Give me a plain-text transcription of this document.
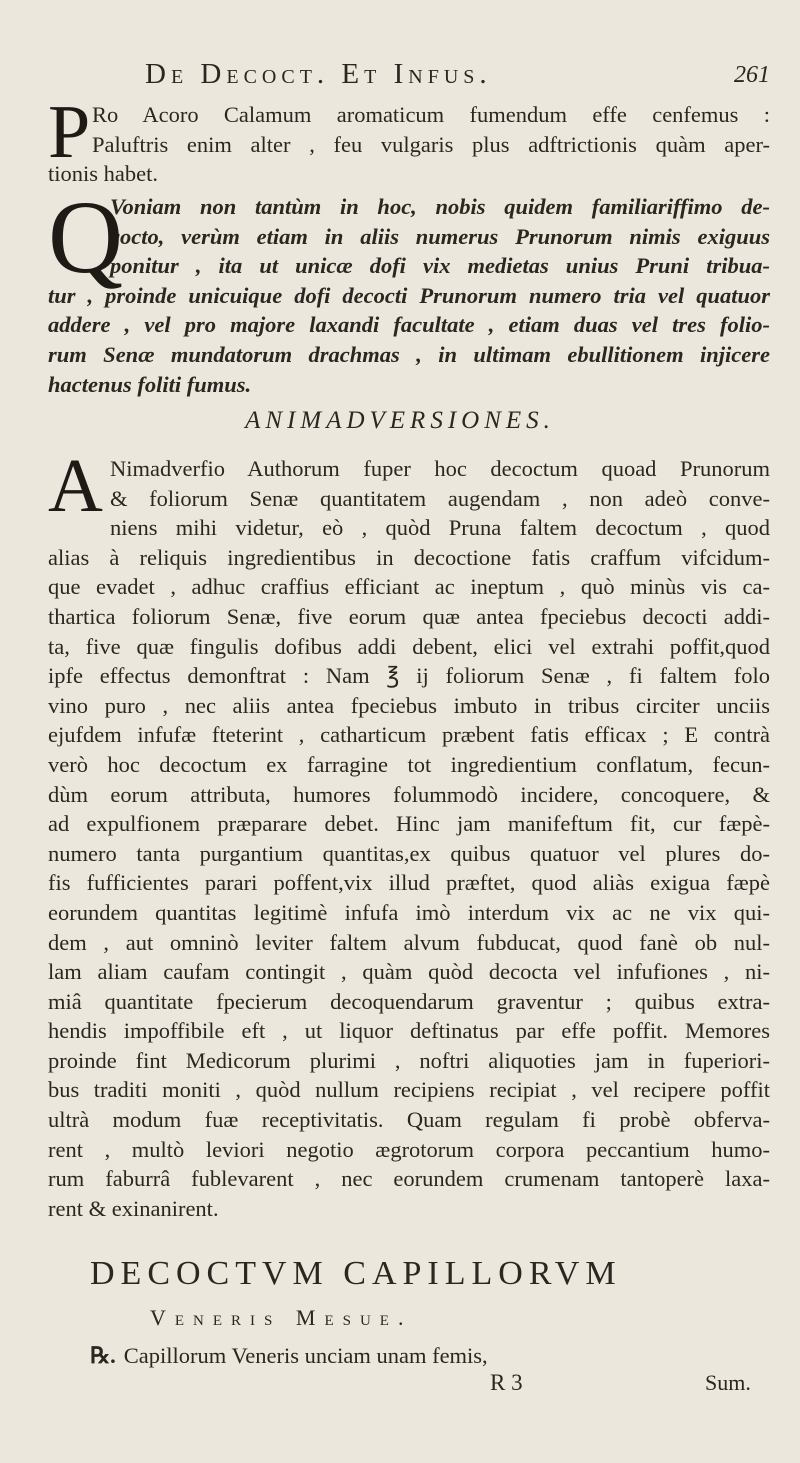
De Decoct. Et Infus.	261
P Ro Acoro Calamum aromaticum fumendum effe cenfemus :
Paluftris enim alter , feu vulgaris plus adftrictionis quàm aper-
tionis habet.
Q
Voniam non tantùm in hoc, nobis quidem familiariffimo de-
cocto, verùm etiam in aliis numerus Prunorum nimis exiguus
ponitur , ita ut unicæ dofi vix medietas unius Pruni tribua-
tur , proinde unicuique dofi decocti Prunorum numero tria vel quatuor
addere , vel pro majore laxandi facultate , etiam duas vel tres folio-
rum Senæ mundatorum drachmas , in ultimam ebullitionem injicere
hactenus foliti fumus.
ANIMADVERSIONES.
A Nimadverfio Authorum fuper hoc decoctum quoad Prunorum
& foliorum Senæ quantitatem augendam , non adeò conve-
niens mihi videtur, eò , quòd Pruna faltem decoctum , quod
alias à reliquis ingredientibus in decoctione fatis craffum vifcidum-
que evadet , adhuc craffius efficiant ac ineptum , quò minùs vis ca-
thartica foliorum Senæ, five eorum quæ antea fpeciebus decocti addi-
ta, five quæ fingulis dofibus addi debent, elici vel extrahi poffit,quod
ipfe effectus demonftrat : Nam ℥ ij foliorum Senæ , fi faltem folo
vino puro , nec aliis antea fpeciebus imbuto in tribus circiter unciis
ejufdem infufæ fteterint , catharticum præbent fatis efficax ; E contrà
verò hoc decoctum ex farragine tot ingredientium conflatum, fecun-
dùm eorum attributa, humores folummodò incidere, concoquere, &
ad expulfionem præparare debet. Hinc jam manifeftum fit, cur fæpè-
numero tanta purgantium quantitas,ex quibus quatuor vel plures do-
fis fufficientes parari poffent,vix illud præftet, quod aliàs exigua fæpè
eorundem quantitas legitimè infufa imò interdum vix ac ne vix qui-
dem , aut omninò leviter faltem alvum fubducat, quod fanè ob nul-
lam aliam caufam contingit , quàm quòd decocta vel infufiones , ni-
miâ quantitate fpecierum decoquendarum graventur ; quibus extra-
hendis impoffibile eft , ut liquor deftinatus par effe poffit. Memores
proinde fint Medicorum plurimi , noftri aliquoties jam in fuperiori-
bus traditi moniti , quòd nullum recipiens recipiat , vel recipere poffit
ultrà modum fuæ receptivitatis. Quam regulam fi probè obferva-
rent , multò leviori negotio ægrotorum corpora peccantium humo-
rum faburrâ fublevarent , nec eorundem crumenam tantoperè laxa-
rent & exinanirent.
DECOCTVM CAPILLORVM
Veneris Mesue.
℞. Capillorum Veneris unciam unam femis,
R 3	Sum.
